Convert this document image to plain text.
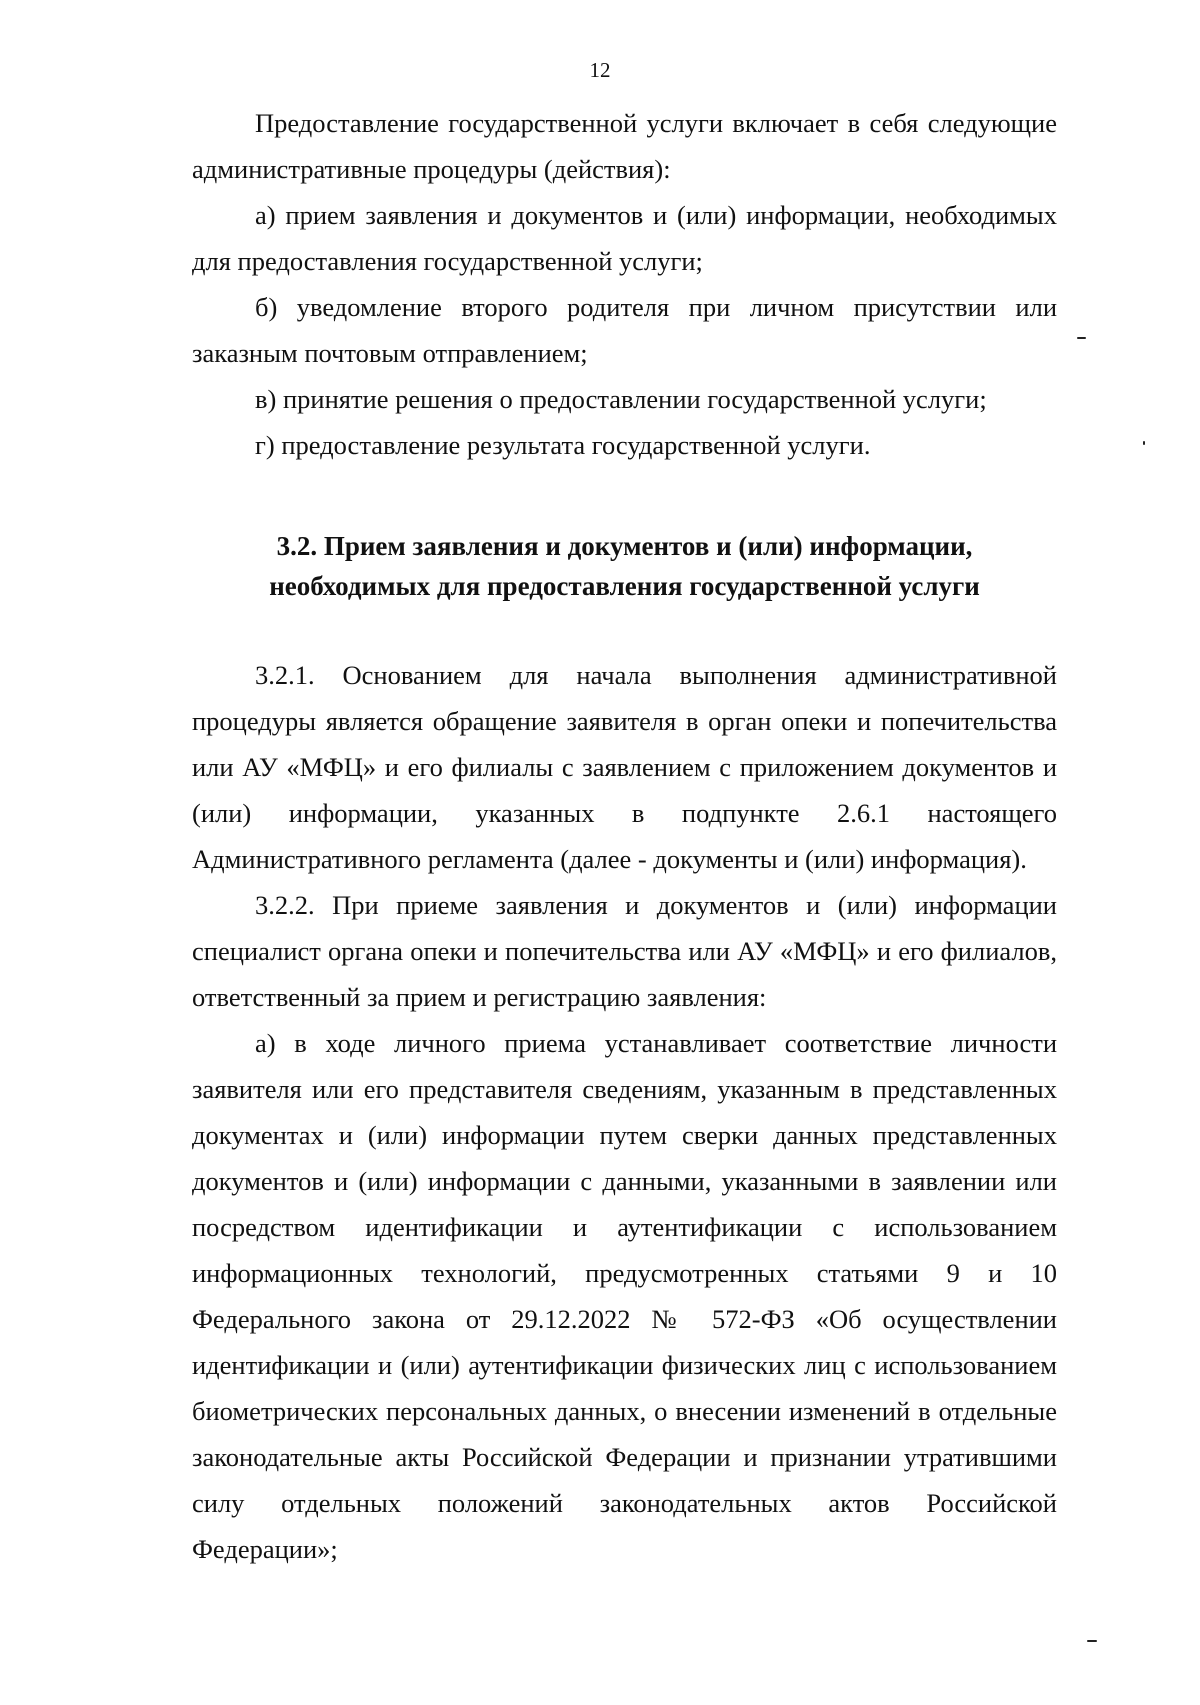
12

Предоставление государственной услуги включает в себя следующие административные процедуры (действия):

а) прием заявления и документов и (или) информации, необходимых для предоставления государственной услуги;

б) уведомление второго родителя при личном присутствии или заказным почтовым отправлением;

в) принятие решения о предоставлении государственной услуги;

г) предоставление результата государственной услуги.

3.2. Прием заявления и документов и (или) информации,
необходимых для предоставления государственной услуги

3.2.1. Основанием для начала выполнения административной процедуры является обращение заявителя в орган опеки и попечительства или АУ «МФЦ» и его филиалы с заявлением с приложением документов и (или) информации, указанных в подпункте 2.6.1 настоящего Административного регламента (далее - документы и (или) информация).

3.2.2. При приеме заявления и документов и (или) информации специалист органа опеки и попечительства или АУ «МФЦ» и его филиалов, ответственный за прием и регистрацию заявления:

а) в ходе личного приема устанавливает соответствие личности заявителя или его представителя сведениям, указанным в представленных документах и (или) информации путем сверки данных представленных документов и (или) информации с данными, указанными в заявлении или посредством идентификации и аутентификации с использованием информационных технологий, предусмотренных статьями 9 и 10 Федерального закона от 29.12.2022 № 572-ФЗ «Об осуществлении идентификации и (или) аутентификации физических лиц с использованием биометрических персональных данных, о внесении изменений в отдельные законодательные акты Российской Федерации и признании утратившими силу отдельных положений законодательных актов Российской Федерации»;
